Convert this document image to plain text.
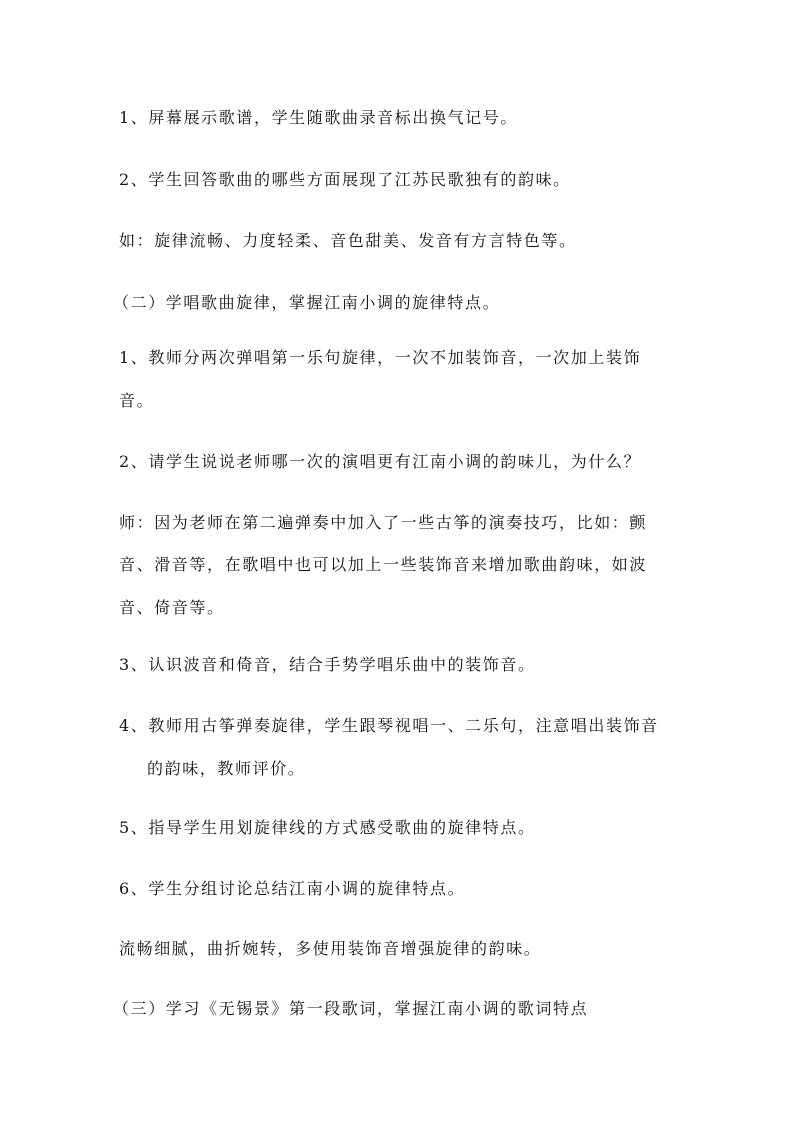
1、屏幕展示歌谱，学生随歌曲录音标出换气记号。
2、学生回答歌曲的哪些方面展现了江苏民歌独有的韵味。
如：旋律流畅、力度轻柔、音色甜美、发音有方言特色等。
（二）学唱歌曲旋律，掌握江南小调的旋律特点。
1、教师分两次弹唱第一乐句旋律，一次不加装饰音，一次加上装饰
音。
2、请学生说说老师哪一次的演唱更有江南小调的韵味儿，为什么？
师：因为老师在第二遍弹奏中加入了一些古筝的演奏技巧，比如：颤
音、滑音等，在歌唱中也可以加上一些装饰音来增加歌曲韵味，如波
音、倚音等。
3、认识波音和倚音，结合手势学唱乐曲中的装饰音。
4、教师用古筝弹奏旋律，学生跟琴视唱一、二乐句，注意唱出装饰音
的韵味，教师评价。
5、指导学生用划旋律线的方式感受歌曲的旋律特点。
6、学生分组讨论总结江南小调的旋律特点。
流畅细腻，曲折婉转，多使用装饰音增强旋律的韵味。
（三）学习《无锡景》第一段歌词，掌握江南小调的歌词特点
